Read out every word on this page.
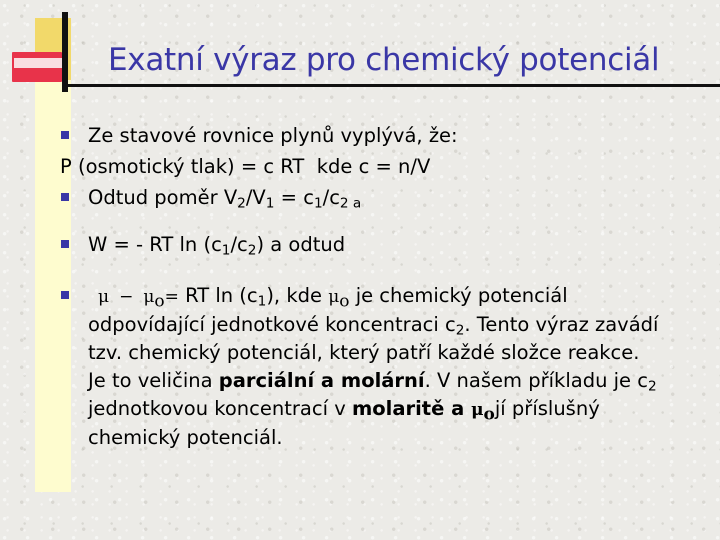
Exatní výraz pro chemický potenciál
Ze stavové rovnice plynů vyplývá, že:
P (osmotický tlak) = c RT  kde c = n/V
Odtud poměr $V_2/V_1 = c_1/c_{2 a}$
W = - RT $\ln (c_1/c_2)$ a odtud
$\mu - \mu_o=$ RT $\ln (c_1)$, kde $\mu_o$ je chemický potenciál
odpovídající jednotkové koncentraci $c_2$. Tento výraz zavádí
tzv. chemický potenciál, který patří každé složce reakce.
Je to veličina parciální a molární. V našem příkladu je $c_2$
jednotkovou koncentrací v molaritě a $\mu_ojí$ příslušný
chemický potenciál.
